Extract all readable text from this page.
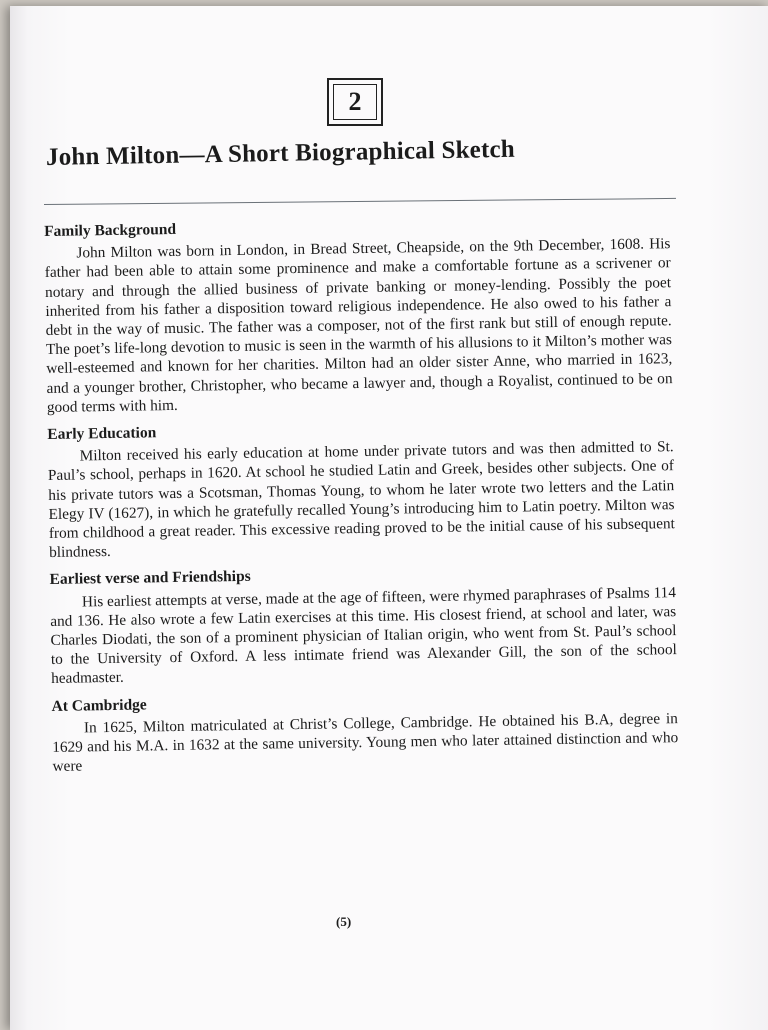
2
John Milton—A Short Biographical Sketch
Family Background

John Milton was born in London, in Bread Street, Cheapside, on the 9th December, 1608. His father had been able to attain some prominence and make a comfortable fortune as a scrivener or notary and through the allied business of private banking or money-lending. Possibly the poet inherited from his father a disposition toward religious independence. He also owed to his father a debt in the way of music. The father was a composer, not of the first rank but still of enough repute. The poet’s life-long devotion to music is seen in the warmth of his allusions to it Milton’s mother was well-esteemed and known for her charities. Milton had an older sister Anne, who married in 1623, and a younger brother, Christopher, who became a lawyer and, though a Royalist, continued to be on good terms with him.

Early Education

Milton received his early education at home under private tutors and was then admitted to St. Paul’s school, perhaps in 1620. At school he studied Latin and Greek, besides other subjects. One of his private tutors was a Scotsman, Thomas Young, to whom he later wrote two letters and the Latin Elegy IV (1627), in which he gratefully recalled Young’s introducing him to Latin poetry. Milton was from childhood a great reader. This excessive reading proved to be the initial cause of his subsequent blindness.

Earliest verse and Friendships

His earliest attempts at verse, made at the age of fifteen, were rhymed paraphrases of Psalms 114 and 136. He also wrote a few Latin exercises at this time. His closest friend, at school and later, was Charles Diodati, the son of a prominent physician of Italian origin, who went from St. Paul’s school to the University of Oxford. A less intimate friend was Alexander Gill, the son of the school headmaster.

At Cambridge

In 1625, Milton matriculated at Christ’s College, Cambridge. He obtained his B.A, degree in 1629 and his M.A. in 1632 at the same university. Young men who later attained distinction and who were

(5)
